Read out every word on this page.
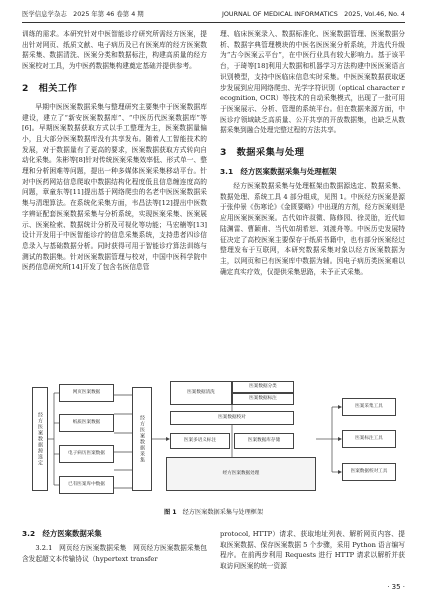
医学信息学杂志　2025 年第 46 卷第 4 期	JOURNAL OF MEDICAL INFORMATICS　2025, Vol.46, No. 4

训练的需求。本研究针对中医智能诊疗研究所需经方医案，提出针对网页、纸质文献、电子病历及已有医案库的经方医案数据采集、数据清洗、医案分类和数据标注，构建高质量的经方医案校对工具，为中医药数据集构建奠定基础并提供参考。

2　相关工作

早期中医医案数据采集与整理研究主要集中于医案数据库建设，建立了“新安医案数据库”、“中医历代医案数据库”等[6]。早期医案数据获取方式以手工整理为主，医案数据量偏小，且大部分医案数据库没有共享发布。随着人工智能技术的发展，对于数据量有了更高的要求，医案数据获取方式转向自动化采集。朱彬等[8]针对传统医案采集效率低、形式单一、整理和分析困难等问题，提出一种多媒体医案采集移动平台。针对中医药网站信息爬取中数据结构化程度低且信息缠连度高的问题，章童东等[11]提出基于网络爬虫的名老中医医案数据采集与清理算法。在系统化采集方面，韦昌法等[12]提出中医数字辨证配套医案数据采集与分析系统，实现医案采集、医案展示、医案检索、数据统计分析及可视化等功能；马宏楠等[13]设计开发用于中医智能诊疗的信息采集系统，支持患者四诊信息录入与基础数据分析。同时获得可用于智能诊疗算法训练与测试的数据集。针对医案数据管理与校对，中国中医科学院中医药信息研究所[14]开发了包含名医信息管

理、临床医案录入、数据标准化、医案数据管理、医案数据分析、数据字典管理模块的中医名医医案分析系统，并选代升级为“古今医案云平台”，在中医行业具有较大影响力。基于该平台，于琦等[18]利用大数据和机器学习方法构建中医医案语言识别模型，支持中医临床信息实时采集。中医医案数据获取逐步发展到应用网络爬虫、光学字符识别（optical character recognition, OCR）等技术的自动采集模式，出现了一批可用于医案展示、分析、管理的系统平台。但在数据来源方面，中医诊疗领域缺乏高质量、公开共享的开放数据集，也缺乏从数据采集到融合处理完整过程的方法共享。

3　数据采集与处理
3.1　经方医案数据采集与处理框架

经方医案数据采集与处理框架由数据源选定、数据采集、数据处理、系统工具 4 部分组成，见图 1。中医经方医案是源于张仲景《伤寒论》《金匮要略》中出现的方剂，经方医案则是应用医案医案医案。古代如许叔微、陈修园、徐灵胎，近代如陆渊雷、曹颖甫、当代如胡希恕、刘渡舟等。中医历史发展特征决定了高校医案主要保存于纸质书籍中，也有部分医案经过整理发布于互联网，本研究数据采集对象以经方医案数据为主，以网页和已有医案库中数据为辅。因电子病历类医案难以确定真实疗效，仅提供采集思路，未予正式采集。

经方医案数据源选定
网页医案数据
纸质医案数据
电子病历医案数据
已有医案库中数据
经方医案数据采集
医案数据清洗
医案数据分类
医案数据标注
医案数据校对
医案多语义标注	医案数据库存储
经方医案数据处理
医案采集工具
医案标注工具
医案数据校对工具
图 1 经方医案数据采集与处理框架
3.2　经方医案数据采集

3.2.1　网页经方医案数据采集　网页经方医案数据采集包含发起超文本传输协议（hypertext transfer

protocol, HTTP）请求、获取地址列表、解析网页内容、提取医案数据、保存医案数据 5 个步骤，采用 Python 语言编写程序。在前两步利用 Requests 进行 HTTP 请求以解析并获取访问医案的统一资源

· 35 ·
